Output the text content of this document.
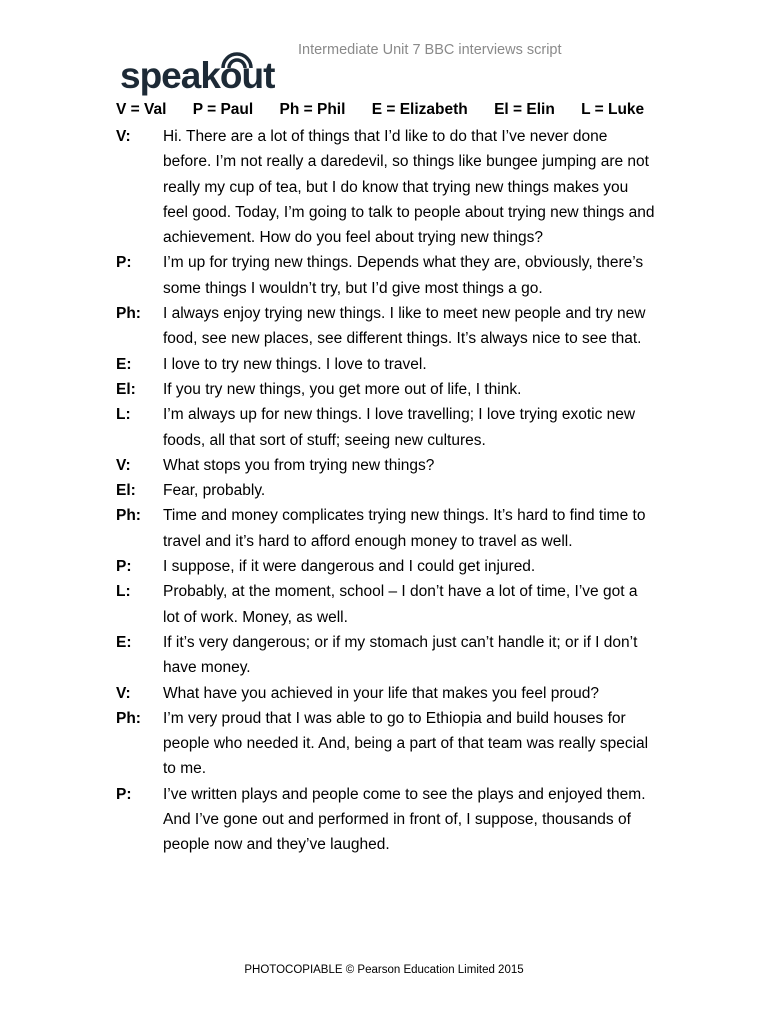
speakout
Intermediate Unit 7 BBC interviews script
V = Val P = Paul Ph = Phil E = Elizabeth El = Elin L = Luke
V:	Hi. There are a lot of things that I’d like to do that I’ve never done before. I’m not really a daredevil, so things like bungee jumping are not really my cup of tea, but I do know that trying new things makes you feel good. Today, I’m going to talk to people about trying new things and achievement. How do you feel about trying new things?
P:	I’m up for trying new things. Depends what they are, obviously, there’s some things I wouldn’t try, but I’d give most things a go.
Ph:	I always enjoy trying new things. I like to meet new people and try new food, see new places, see different things. It’s always nice to see that.
E:	I love to try new things. I love to travel.
El:	If you try new things, you get more out of life, I think.
L:	I’m always up for new things. I love travelling; I love trying exotic new foods, all that sort of stuff; seeing new cultures.
V:	What stops you from trying new things?
El:	Fear, probably.
Ph:	Time and money complicates trying new things. It’s hard to find time to travel and it’s hard to afford enough money to travel as well.
P:	I suppose, if it were dangerous and I could get injured.
L:	Probably, at the moment, school – I don’t have a lot of time, I’ve got a lot of work. Money, as well.
E:	If it’s very dangerous; or if my stomach just can’t handle it; or if I don’t have money.
V:	What have you achieved in your life that makes you feel proud?
Ph:	I’m very proud that I was able to go to Ethiopia and build houses for people who needed it. And, being a part of that team was really special to me.
P:	I’ve written plays and people come to see the plays and enjoyed them. And I’ve gone out and performed in front of, I suppose, thousands of people now and they’ve laughed.
PHOTOCOPIABLE © Pearson Education Limited 2015
